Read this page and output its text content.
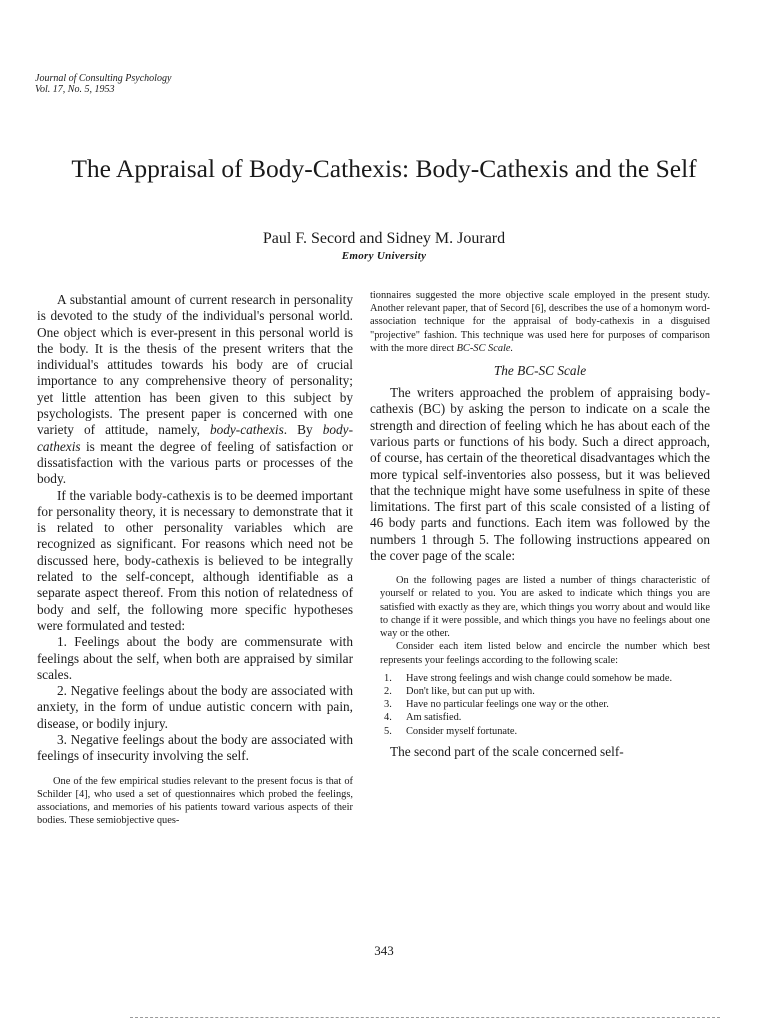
Journal of Consulting Psychology
Vol. 17, No. 5, 1953
The Appraisal of Body-Cathexis: Body-Cathexis and the Self
Paul F. Secord and Sidney M. Jourard
Emory University

A substantial amount of current research in personality is devoted to the study of the individual's personal world. One object which is ever-present in this personal world is the body. It is the thesis of the present writers that the individual's attitudes towards his body are of crucial importance to any comprehensive theory of personality; yet little attention has been given to this subject by psychologists. The present paper is concerned with one variety of attitude, namely, body-cathexis. By body-cathexis is meant the degree of feeling of satisfaction or dissatisfaction with the various parts or processes of the body.

If the variable body-cathexis is to be deemed important for personality theory, it is necessary to demonstrate that it is related to other personality variables which are recognized as significant. For reasons which need not be discussed here, body-cathexis is believed to be integrally related to the self-concept, although identifiable as a separate aspect thereof. From this notion of relatedness of body and self, the following more specific hypotheses were formulated and tested:

1. Feelings about the body are commensurate with feelings about the self, when both are appraised by similar scales.

2. Negative feelings about the body are associated with anxiety, in the form of undue autistic concern with pain, disease, or bodily injury.

3. Negative feelings about the body are associated with feelings of insecurity involving the self.

One of the few empirical studies relevant to the present focus is that of Schilder [4], who used a set of questionnaires which probed the feelings, associations, and memories of his patients toward various aspects of their bodies. These semiobjective ques-

tionnaires suggested the more objective scale employed in the present study. Another relevant paper, that of Secord [6], describes the use of a homonym word-association technique for the appraisal of body-cathexis in a disguised "projective" fashion. This technique was used here for purposes of comparison with the more direct BC-SC Scale.

The BC-SC Scale

The writers approached the problem of appraising body-cathexis (BC) by asking the person to indicate on a scale the strength and direction of feeling which he has about each of the various parts or functions of his body. Such a direct approach, of course, has certain of the theoretical disadvantages which the more typical self-inventories also possess, but it was believed that the technique might have some usefulness in spite of these limitations. The first part of this scale consisted of a listing of 46 body parts and functions. Each item was followed by the numbers 1 through 5. The following instructions appeared on the cover page of the scale:

On the following pages are listed a number of things characteristic of yourself or related to you. You are asked to indicate which things you are satisfied with exactly as they are, which things you worry about and would like to change if it were possible, and which things you have no feelings about one way or the other.

Consider each item listed below and encircle the number which best represents your feelings according to the following scale:

1. Have strong feelings and wish change could somehow be made.
2. Don't like, but can put up with.
3. Have no particular feelings one way or the other.
4. Am satisfied.
5. Consider myself fortunate.

The second part of the scale concerned self-

343
